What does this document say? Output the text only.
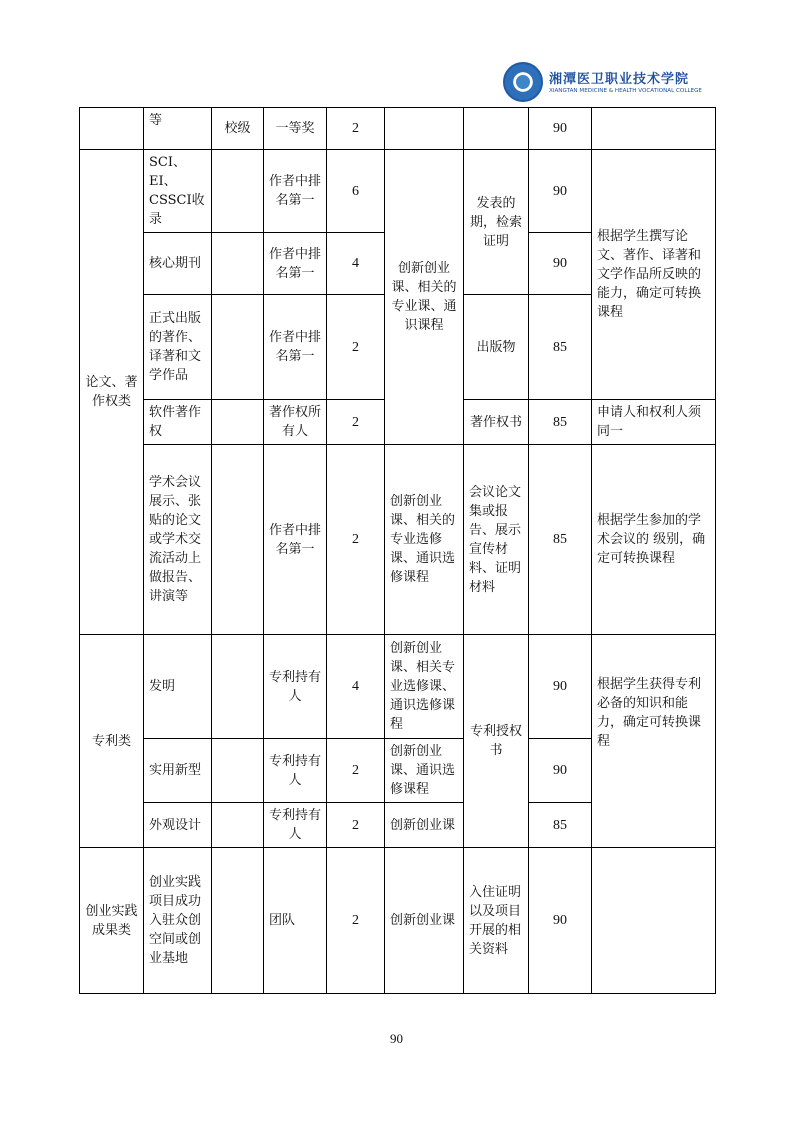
湘潭医卫职业技术学院
XIANGTAN MEDICINE & HEALTH VOCATIONAL COLLEGE
	等	校级	一等奖	2			90	
论文、著作权类	SCI、EI、CSSCI收录		作者中排名第一	6	创新创业课、相关的专业课、通识课程	发表的期，检索证明	90	根据学生撰写论文、著作、译著和文学作品所反映的能力，确定可转换课程
	核心期刊		作者中排名第一	4			90	
	正式出版的著作、译著和文学作品		作者中排名第一	2		出版物	85	
	软件著作权		著作权所有人	2		著作权书	85	申请人和权利人须同一
	学术会议展示、张贴的论文或学术交流活动上做报告、讲演等		作者中排名第一	2	创新创业课、相关的专业选修课、通识选修课程	会议论文集或报告、展示宣传材料、证明材料	85	根据学生参加的学术会议的 级别，确定可转换课程
专利类	发明		专利持有人	4	创新创业课、相关专业选修课、通识选修课程	专利授权书	90	根据学生获得专利必备的知识和能力，确定可转换课程
	实用新型		专利持有人	2	创新创业课、通识选修课程		90	
	外观设计		专利持有人	2	创新创业课		85	
创业实践成果类	创业实践项目成功入驻众创空间或创业基地		团队	2	创新创业课	入住证明以及项目开展的相关资料	90	
90
